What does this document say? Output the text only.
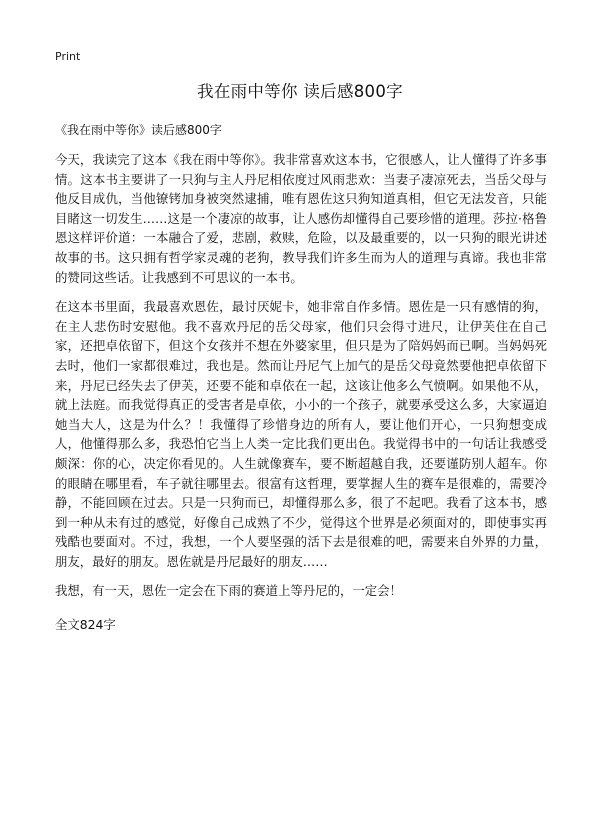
Print
我在雨中等你 读后感800字

《我在雨中等你》读后感800字

今天，我读完了这本《我在雨中等你》。我非常喜欢这本书，它很感人，让人懂得了许多事情。这本书主要讲了一只狗与主人丹尼相依度过风雨悲欢：当妻子凄凉死去，当岳父母与他反目成仇，当他镣铐加身被突然逮捕，唯有恩佐这只狗知道真相，但它无法发音，只能目睹这一切发生……这是一个凄凉的故事，让人感伤却懂得自己要珍惜的道理。莎拉·格鲁恩这样评价道：一本融合了爱，悲剧，救赎，危险，以及最重要的，以一只狗的眼光讲述故事的书。这只拥有哲学家灵魂的老狗，教导我们许多生而为人的道理与真谛。我也非常的赞同这些话。让我感到不可思议的一本书。

在这本书里面，我最喜欢恩佐，最讨厌妮卡，她非常自作多情。恩佐是一只有感情的狗，在主人悲伤时安慰他。我不喜欢丹尼的岳父母家，他们只会得寸进尺，让伊芙住在自己家，还把卓依留下，但这个女孩并不想在外婆家里，但只是为了陪妈妈而已啊。当妈妈死去时，他们一家都很难过，我也是。然而让丹尼气上加气的是岳父母竟然要他把卓依留下来，丹尼已经失去了伊芙，还要不能和卓依在一起，这该让他多么气愤啊。如果他不从，就上法庭。而我觉得真正的受害者是卓依，小小的一个孩子，就要承受这么多，大家逼迫她当大人，这是为什么？！我懂得了珍惜身边的所有人，要让他们开心，一只狗想变成人，他懂得那么多，我恐怕它当上人类一定比我们更出色。我觉得书中的一句话让我感受颇深：你的心，决定你看见的。人生就像赛车，要不断超越自我，还要谨防别人超车。你的眼睛在哪里看，车子就往哪里去。很富有这哲理，要掌握人生的赛车是很难的，需要冷静，不能回顾在过去。只是一只狗而已，却懂得那么多，很了不起吧。我看了这本书，感到一种从未有过的感觉，好像自己成熟了不少，觉得这个世界是必须面对的，即使事实再残酷也要面对。不过，我想，一个人要坚强的活下去是很难的吧，需要来自外界的力量，朋友，最好的朋友。恩佐就是丹尼最好的朋友……

我想，有一天，恩佐一定会在下雨的赛道上等丹尼的，一定会！

全文824字
